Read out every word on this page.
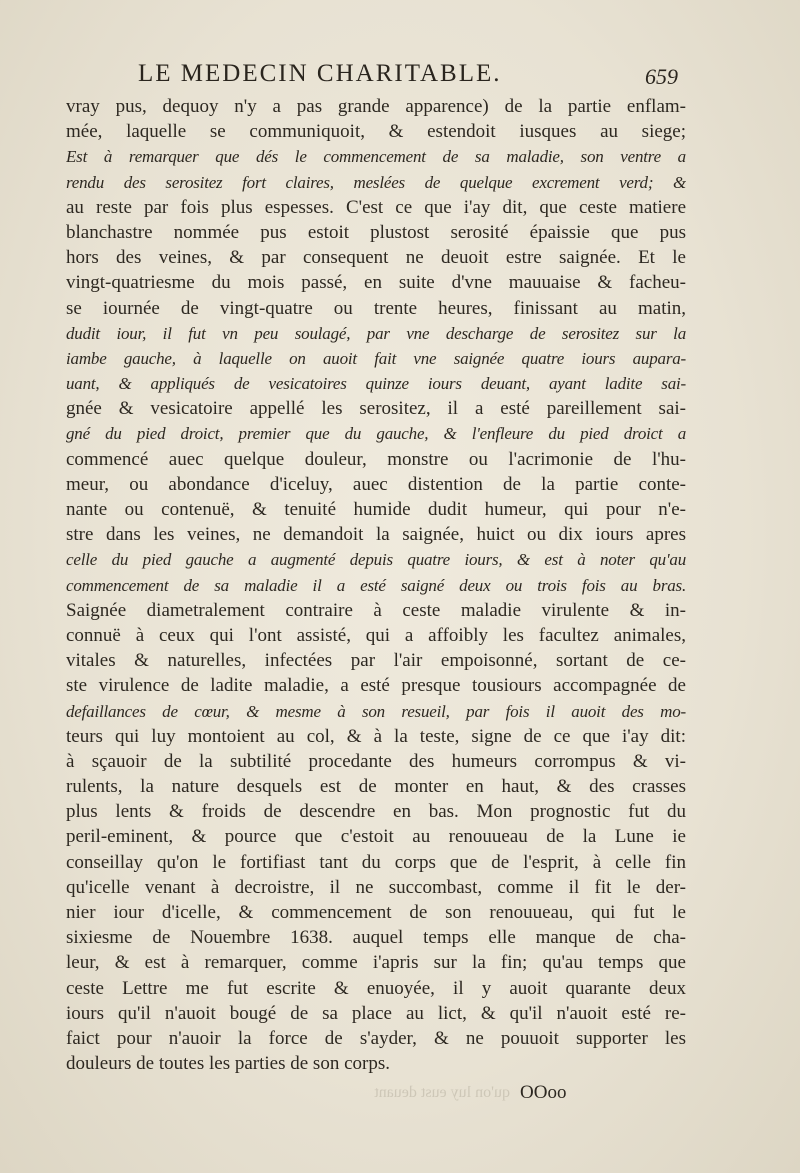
LE MEDECIN CHARITABLE.	659
vray pus, dequoy n'y a pas grande apparence) de la partie enflam-
mée, laquelle se communiquoit, & estendoit iusques au siege;
Est à remarquer que dés le commencement de sa maladie, son ventre a
rendu des serositez fort claires, meslées de quelque excrement verd; &
au reste par fois plus espesses. C'est ce que i'ay dit, que ceste matiere
blanchastre nommée pus estoit plustost serosité épaissie que pus
hors des veines, & par consequent ne deuoit estre saignée. Et le
vingt-quatriesme du mois passé, en suite d'vne mauuaise & facheu-
se iournée de vingt-quatre ou trente heures, finissant au matin,
dudit iour, il fut vn peu soulagé, par vne descharge de serositez sur la
iambe gauche, à laquelle on auoit fait vne saignée quatre iours aupara-
uant, & appliqués de vesicatoires quinze iours deuant, ayant ladite sai-
gnée & vesicatoire appellé les serositez, il a esté pareillement sai-
gné du pied droict, premier que du gauche, & l'enfleure du pied droict a
commencé auec quelque douleur, monstre ou l'acrimonie de l'hu-
meur, ou abondance d'iceluy, auec distention de la partie conte-
nante ou contenuë, & tenuité humide dudit humeur, qui pour n'e-
stre dans les veines, ne demandoit la saignée, huict ou dix iours apres
celle du pied gauche a augmenté depuis quatre iours, & est à noter qu'au
commencement de sa maladie il a esté saigné deux ou trois fois au bras.
Saignée diametralement contraire à ceste maladie virulente & in-
connuë à ceux qui l'ont assisté, qui a affoibly les facultez animales,
vitales & naturelles, infectées par l'air empoisonné, sortant de ce-
ste virulence de ladite maladie, a esté presque tousiours accompagnée de
defaillances de cœur, & mesme à son resueil, par fois il auoit des mo-
teurs qui luy montoient au col, & à la teste, signe de ce que i'ay dit:
à sçauoir de la subtilité procedante des humeurs corrompus & vi-
rulents, la nature desquels est de monter en haut, & des crasses
plus lents & froids de descendre en bas. Mon prognostic fut du
peril-eminent, & pource que c'estoit au renouueau de la Lune ie
conseillay qu'on le fortifiast tant du corps que de l'esprit, à celle fin
qu'icelle venant à decroistre, il ne succombast, comme il fit le der-
nier iour d'icelle, & commencement de son renouueau, qui fut le
sixiesme de Nouembre 1638. auquel temps elle manque de cha-
leur, & est à remarquer, comme i'apris sur la fin; qu'au temps que
ceste Lettre me fut escrite & enuoyée, il y auoit quarante deux
iours qu'il n'auoit bougé de sa place au lict, & qu'il n'auoit esté re-
faict pour n'auoir la force de s'ayder, & ne pouuoit supporter les
douleurs de toutes les parties de son corps.
qu'on luy eust deuant OOoo
